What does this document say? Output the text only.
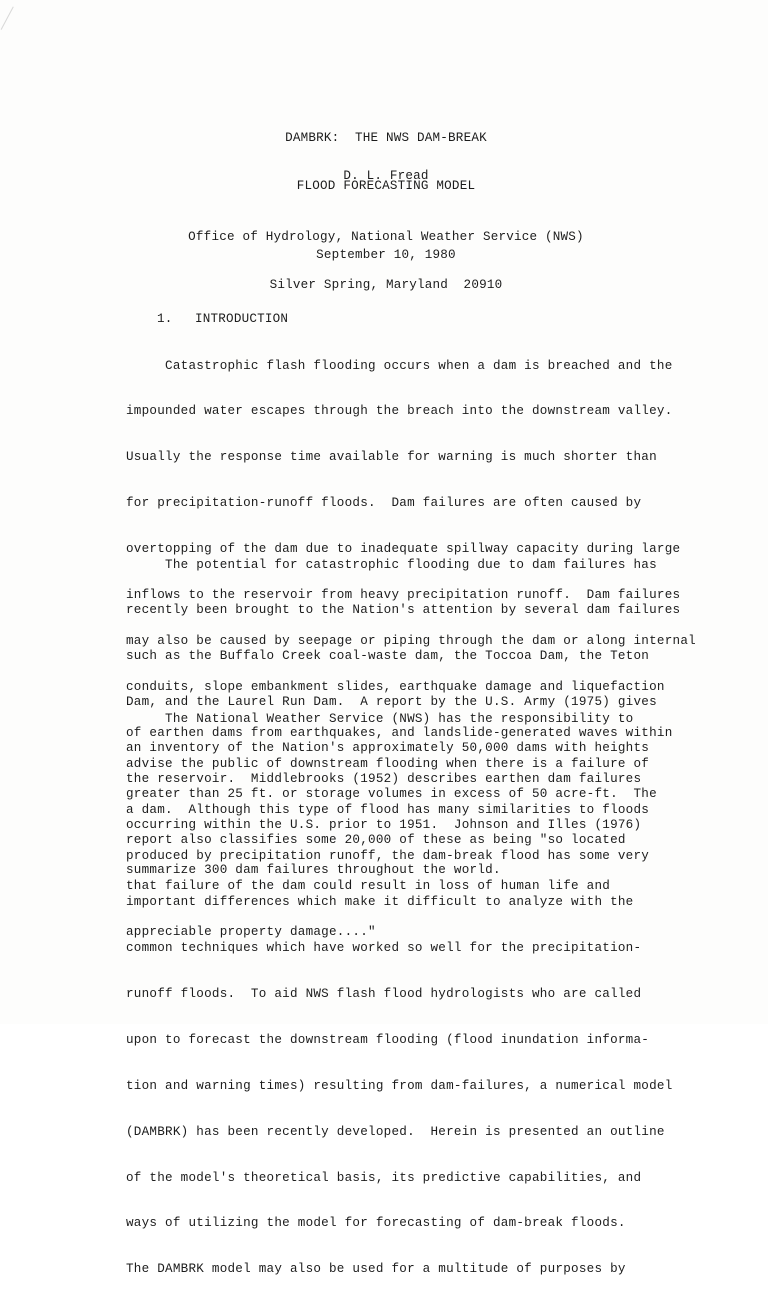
DAMBRK:  THE NWS DAM-BREAK

FLOOD FORECASTING MODEL

D. L. Fread

Office of Hydrology, National Weather Service (NWS)

Silver Spring, Maryland  20910

September 10, 1980

1. INTRODUCTION

Catastrophic flash flooding occurs when a dam is breached and the

impounded water escapes through the breach into the downstream valley.

Usually the response time available for warning is much shorter than

for precipitation-runoff floods.  Dam failures are often caused by

overtopping of the dam due to inadequate spillway capacity during large

inflows to the reservoir from heavy precipitation runoff.  Dam failures

may also be caused by seepage or piping through the dam or along internal

conduits, slope embankment slides, earthquake damage and liquefaction

of earthen dams from earthquakes, and landslide-generated waves within

the reservoir.  Middlebrooks (1952) describes earthen dam failures

occurring within the U.S. prior to 1951.  Johnson and Illes (1976)

summarize 300 dam failures throughout the world.

The potential for catastrophic flooding due to dam failures has

recently been brought to the Nation's attention by several dam failures

such as the Buffalo Creek coal-waste dam, the Toccoa Dam, the Teton

Dam, and the Laurel Run Dam.  A report by the U.S. Army (1975) gives

an inventory of the Nation's approximately 50,000 dams with heights

greater than 25 ft. or storage volumes in excess of 50 acre-ft.  The

report also classifies some 20,000 of these as being "so located

that failure of the dam could result in loss of human life and

appreciable property damage...."

The National Weather Service (NWS) has the responsibility to

advise the public of downstream flooding when there is a failure of

a dam.  Although this type of flood has many similarities to floods

produced by precipitation runoff, the dam-break flood has some very

important differences which make it difficult to analyze with the

common techniques which have worked so well for the precipitation-

runoff floods.  To aid NWS flash flood hydrologists who are called

upon to forecast the downstream flooding (flood inundation informa-

tion and warning times) resulting from dam-failures, a numerical model

(DAMBRK) has been recently developed.  Herein is presented an outline

of the model's theoretical basis, its predictive capabilities, and

ways of utilizing the model for forecasting of dam-break floods.

The DAMBRK model may also be used for a multitude of purposes by
